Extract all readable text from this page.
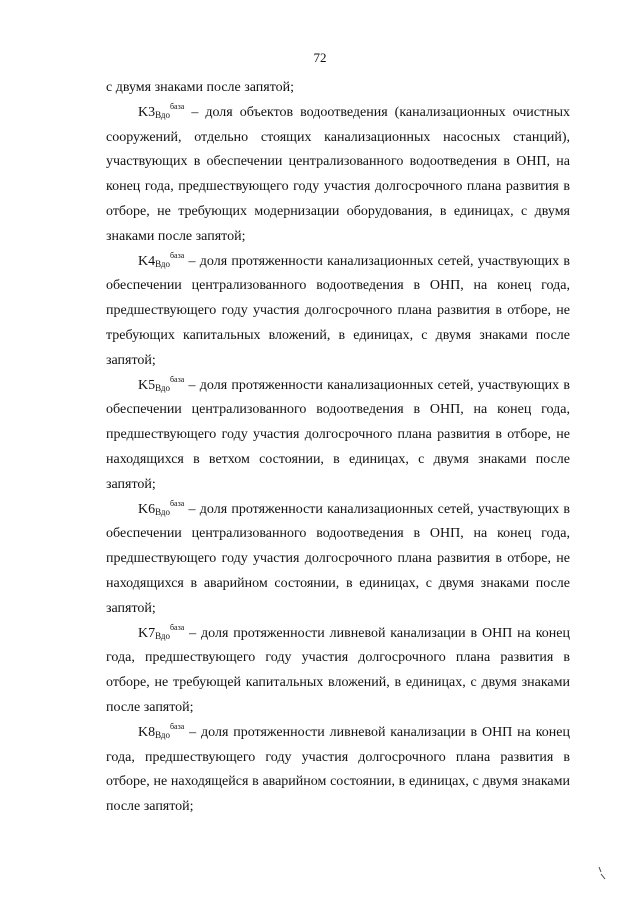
72

с двумя знаками после запятой;

$K3_{Вдо}^{база}$ – доля объектов водоотведения (канализационных очистных сооружений, отдельно стоящих канализационных насосных станций), участвующих в обеспечении централизованного водоотведения в ОНП, на конец года, предшествующего году участия долгосрочного плана развития в отборе, не требующих модернизации оборудования, в единицах, с двумя знаками после запятой;

$K4_{Вдо}^{база}$ – доля протяженности канализационных сетей, участвующих в обеспечении централизованного водоотведения в ОНП, на конец года, предшествующего году участия долгосрочного плана развития в отборе, не требующих капитальных вложений, в единицах, с двумя знаками после запятой;

$K5_{Вдо}^{база}$ – доля протяженности канализационных сетей, участвующих в обеспечении централизованного водоотведения в ОНП, на конец года, предшествующего году участия долгосрочного плана развития в отборе, не находящихся в ветхом состоянии, в единицах, с двумя знаками после запятой;

$K6_{Вдо}^{база}$ – доля протяженности канализационных сетей, участвующих в обеспечении централизованного водоотведения в ОНП, на конец года, предшествующего году участия долгосрочного плана развития в отборе, не находящихся в аварийном состоянии, в единицах, с двумя знаками после запятой;

$K7_{Вдо}^{база}$ – доля протяженности ливневой канализации в ОНП на конец года, предшествующего году участия долгосрочного плана развития в отборе, не требующей капитальных вложений, в единицах, с двумя знаками после запятой;

$K8_{Вдо}^{база}$ – доля протяженности ливневой канализации в ОНП на конец года, предшествующего году участия долгосрочного плана развития в отборе, не находящейся в аварийном состоянии, в единицах, с двумя знаками после запятой;
